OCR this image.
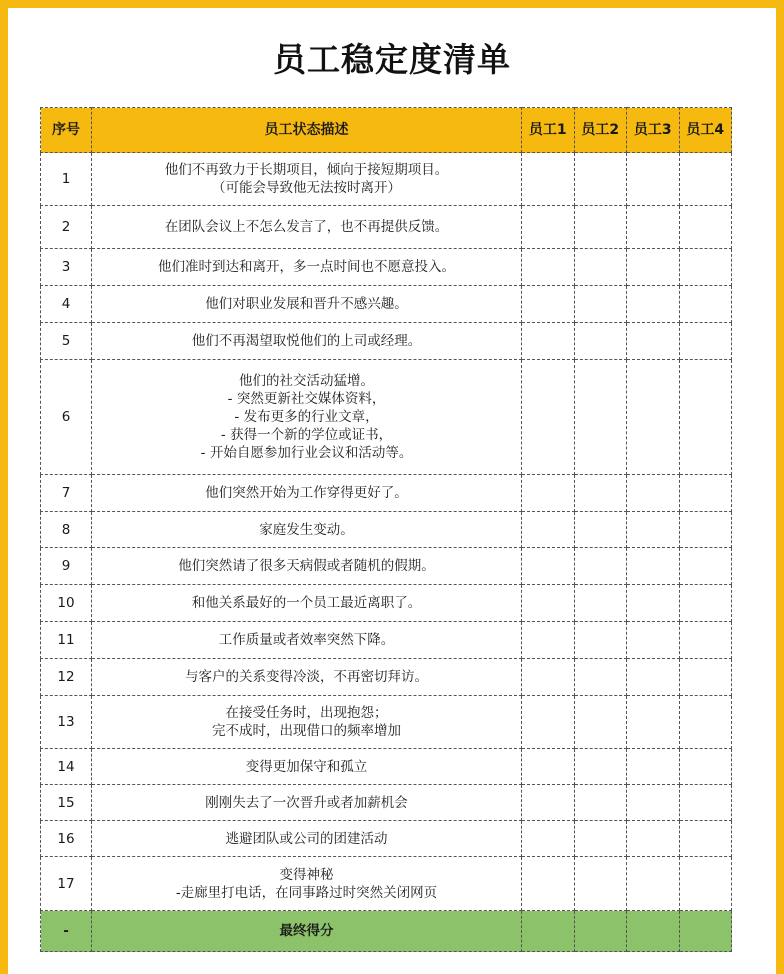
员工稳定度清单
序号	员工状态描述	员工1	员工2	员工3	员工4
1	他们不再致力于长期项目，倾向于接短期项目。
（可能会导致他无法按时离开）				
2	在团队会议上不怎么发言了，也不再提供反馈。				
3	他们准时到达和离开，多一点时间也不愿意投入。				
4	他们对职业发展和晋升不感兴趣。				
5	他们不再渴望取悦他们的上司或经理。				
6	他们的社交活动猛增。
- 突然更新社交媒体资料，
- 发布更多的行业文章，
- 获得一个新的学位或证书，
- 开始自愿参加行业会议和活动等。				
7	他们突然开始为工作穿得更好了。				
8	家庭发生变动。				
9	他们突然请了很多天病假或者随机的假期。				
10	和他关系最好的一个员工最近离职了。				
11	工作质量或者效率突然下降。				
12	与客户的关系变得冷淡，不再密切拜访。				
13	在接受任务时，出现抱怨；
完不成时，出现借口的频率增加				
14	变得更加保守和孤立				
15	刚刚失去了一次晋升或者加薪机会				
16	逃避团队或公司的团建活动				
17	变得神秘
-走廊里打电话，在同事路过时突然关闭网页				
-	最终得分				
